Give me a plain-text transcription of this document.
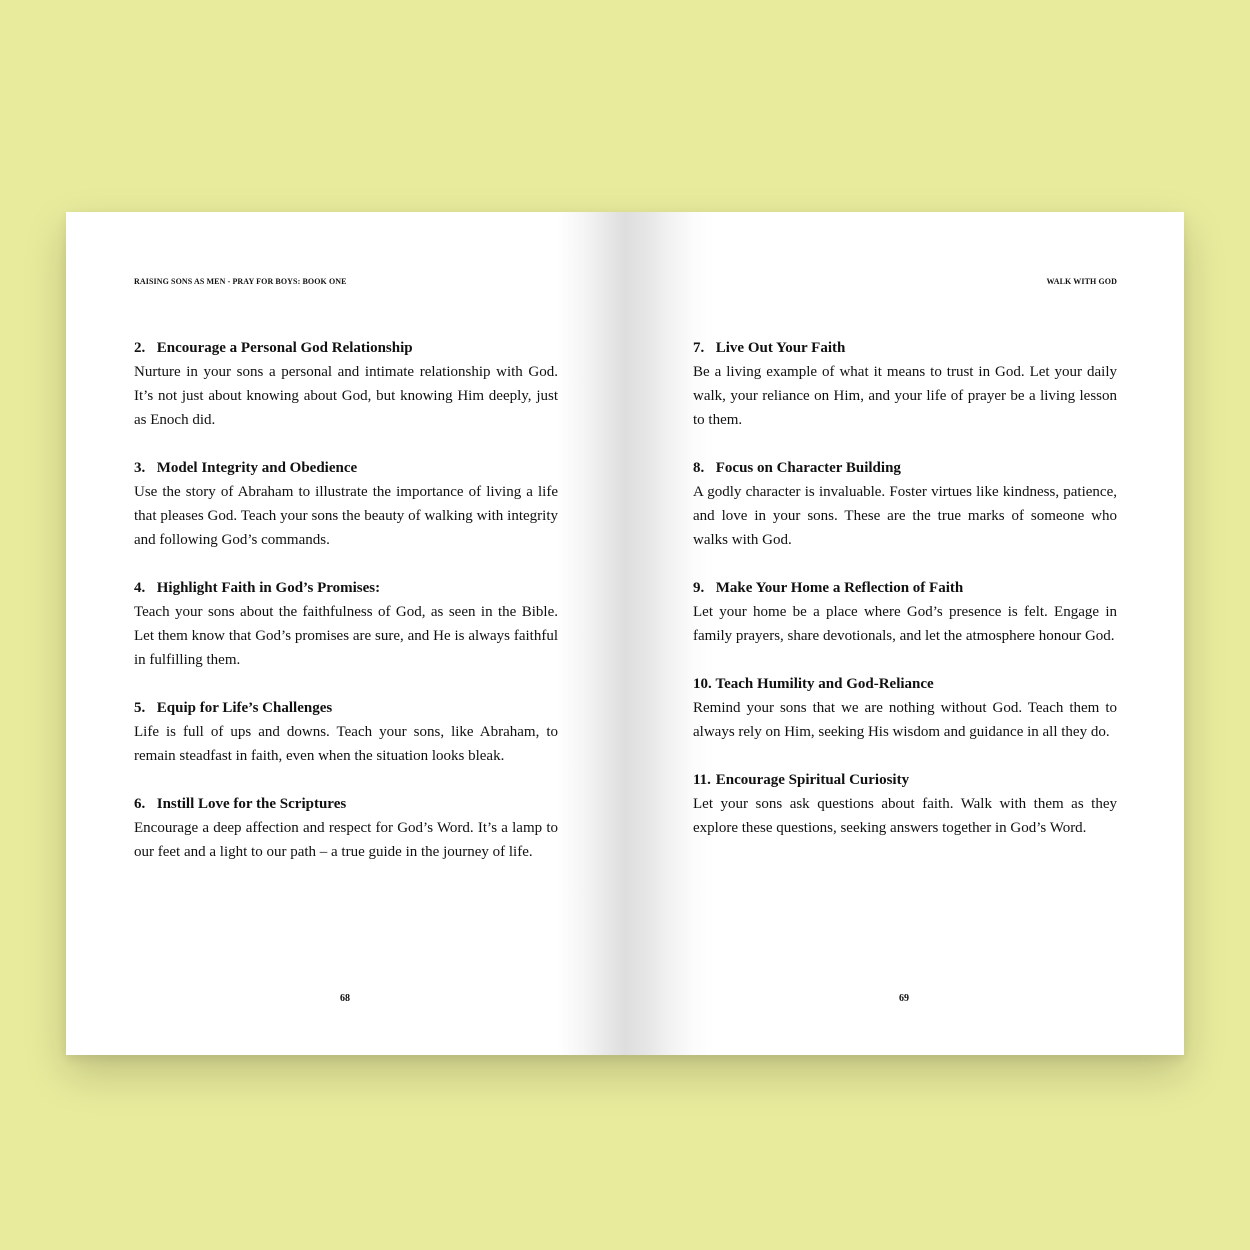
RAISING SONS AS MEN - PRAY FOR BOYS: BOOK ONE
2. Encourage a Personal God Relationship
Nurture in your sons a personal and intimate relationship with God. It’s not just about knowing about God, but knowing Him deeply, just as Enoch did.
3. Model Integrity and Obedience
Use the story of Abraham to illustrate the importance of living a life that pleases God. Teach your sons the beauty of walking with integrity and following God’s commands.
4. Highlight Faith in God’s Promises:
Teach your sons about the faithfulness of God, as seen in the Bible. Let them know that God’s promises are sure, and He is always faithful in fulfilling them.
5. Equip for Life’s Challenges
Life is full of ups and downs. Teach your sons, like Abraham, to remain steadfast in faith, even when the situation looks bleak.
6. Instill Love for the Scriptures
Encourage a deep affection and respect for God’s Word. It’s a lamp to our feet and a light to our path – a true guide in the journey of life.
68
WALK WITH GOD
7. Live Out Your Faith
Be a living example of what it means to trust in God. Let your daily walk, your reliance on Him, and your life of prayer be a living lesson to them.
8. Focus on Character Building
A godly character is invaluable. Foster virtues like kindness, patience, and love in your sons. These are the true marks of someone who walks with God.
9. Make Your Home a Reflection of Faith
Let your home be a place where God’s presence is felt. Engage in family prayers, share devotionals, and let the atmosphere honour God.
10. Teach Humility and God-Reliance
Remind your sons that we are nothing without God. Teach them to always rely on Him, seeking His wisdom and guidance in all they do.
11. Encourage Spiritual Curiosity
Let your sons ask questions about faith. Walk with them as they explore these questions, seeking answers together in God’s Word.
69
